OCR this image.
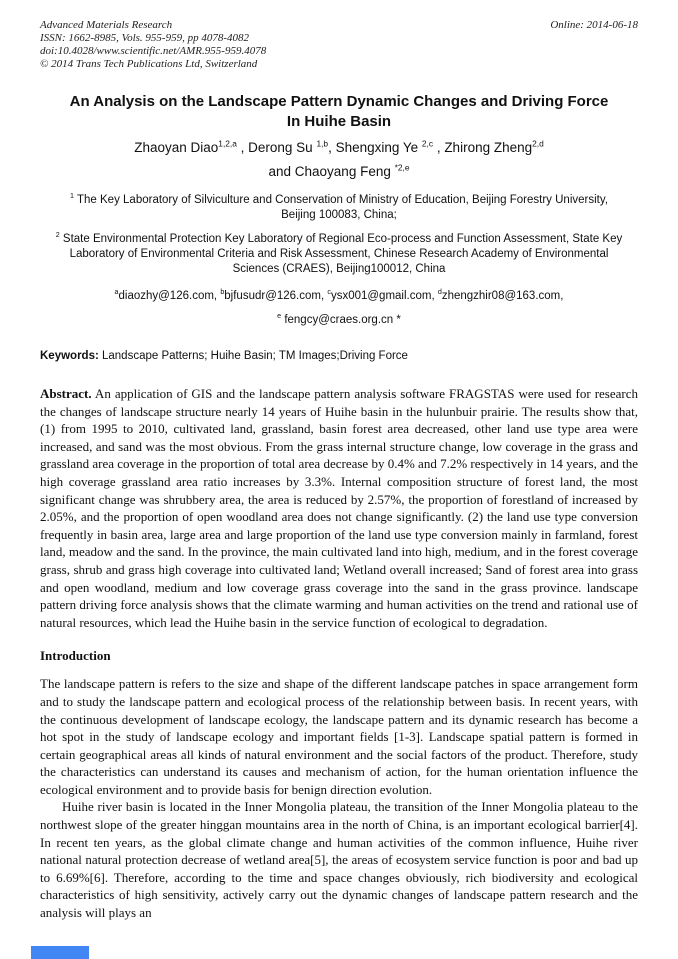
Advanced Materials Research
ISSN: 1662-8985, Vols. 955-959, pp 4078-4082
doi:10.4028/www.scientific.net/AMR.955-959.4078
© 2014 Trans Tech Publications Ltd, Switzerland
Online: 2014-06-18
An Analysis on the Landscape Pattern Dynamic Changes and Driving Force In Huihe Basin
Zhaoyan Diao$^{1,2,a}$ , Derong Su $^{1,b}$, Shengxing Ye $^{2,c}$ , Zhirong Zheng$^{2,d}$
and Chaoyang Feng $^{*2,e}$
$^1$ The Key Laboratory of Silviculture and Conservation of Ministry of Education, Beijing Forestry University, Beijing 100083, China;
$^2$ State Environmental Protection Key Laboratory of Regional Eco-process and Function Assessment, State Key Laboratory of Environmental Criteria and Risk Assessment, Chinese Research Academy of Environmental Sciences (CRAES), Beijing100012, China
$^a$diaozhy@126.com, $^b$bjfusudr@126.com, $^c$ysx001@gmail.com, $^d$zhengzhir08@163.com,
$^e$ fengcy@craes.org.cn *

Keywords: Landscape Patterns; Huihe Basin; TM Images;Driving Force

Abstract. An application of GIS and the landscape pattern analysis software FRAGSTAS were used for research the changes of landscape structure nearly 14 years of Huihe basin in the hulunbuir prairie. The results show that, (1) from 1995 to 2010, cultivated land, grassland, basin forest area decreased, other land use type area were increased, and sand was the most obvious. From the grass internal structure change, low coverage in the grass and grassland area coverage in the proportion of total area decrease by 0.4% and 7.2% respectively in 14 years, and the high coverage grassland area ratio increases by 3.3%. Internal composition structure of forest land, the most significant change was shrubbery area, the area is reduced by 2.57%, the proportion of forestland of increased by 2.05%, and the proportion of open woodland area does not change significantly. (2) the land use type conversion frequently in basin area, large area and large proportion of the land use type conversion mainly in farmland, forest land, meadow and the sand. In the province, the main cultivated land into high, medium, and in the forest coverage grass, shrub and grass high coverage into cultivated land; Wetland overall increased; Sand of forest area into grass and open woodland, medium and low coverage grass coverage into the sand in the grass province. landscape pattern driving force analysis shows that the climate warming and human activities on the trend and rational use of natural resources, which lead the Huihe basin in the service function of ecological to degradation.

Introduction

The landscape pattern is refers to the size and shape of the different landscape patches in space arrangement form and to study the landscape pattern and ecological process of the relationship between basis. In recent years, with the continuous development of landscape ecology, the landscape pattern and its dynamic research has become a hot spot in the study of landscape ecology and important fields [1-3]. Landscape spatial pattern is formed in certain geographical areas all kinds of natural environment and the social factors of the product. Therefore, study the characteristics can understand its causes and mechanism of action, for the human orientation influence the ecological environment and to provide basis for benign direction evolution.

Huihe river basin is located in the Inner Mongolia plateau, the transition of the Inner Mongolia plateau to the northwest slope of the greater hinggan mountains area in the north of China, is an important ecological barrier[4]. In recent ten years, as the global climate change and human activities of the common influence, Huihe river national natural protection decrease of wetland area[5], the areas of ecosystem service function is poor and bad up to 6.69%[6]. Therefore, according to the time and space changes obviously, rich biodiversity and ecological characteristics of high sensitivity, actively carry out the dynamic changes of landscape pattern research and the analysis will plays an
